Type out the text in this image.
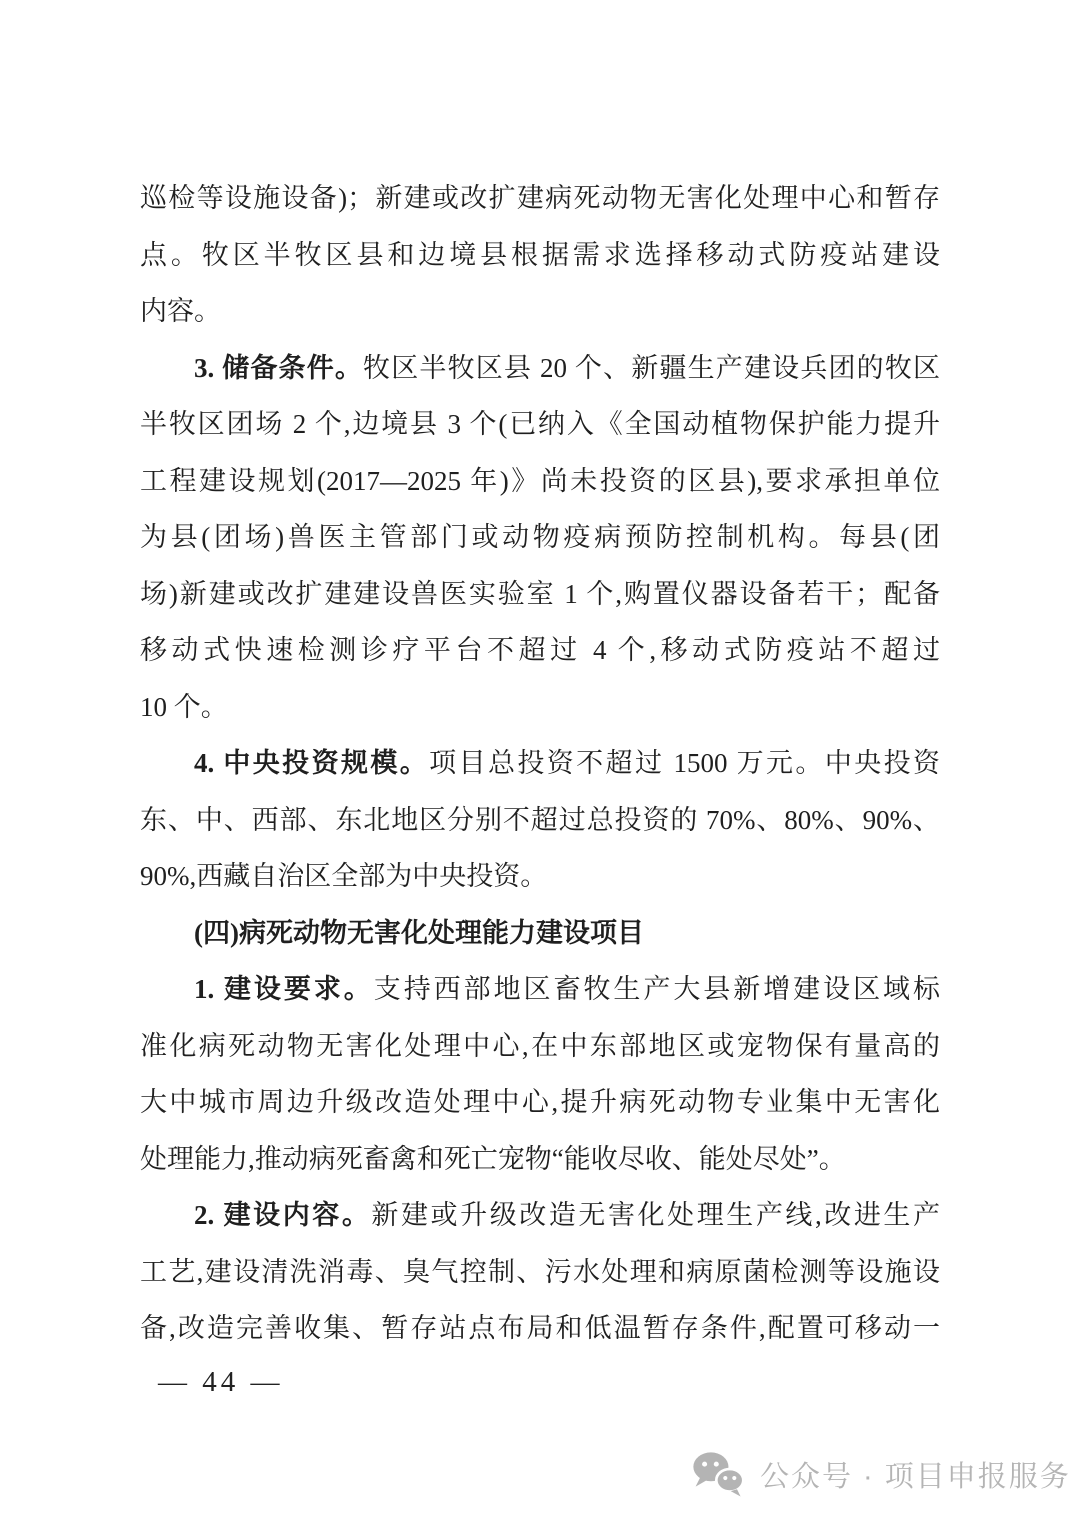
巡检等设施设备)；新建或改扩建病死动物无害化处理中心和暂存

点。牧区半牧区县和边境县根据需求选择移动式防疫站建设

内容。

3. 储备条件。牧区半牧区县 20 个、新疆生产建设兵团的牧区

半牧区团场 2 个,边境县 3 个(已纳入《全国动植物保护能力提升

工程建设规划(2017—2025 年)》尚未投资的区县),要求承担单位

为县(团场)兽医主管部门或动物疫病预防控制机构。每县(团

场)新建或改扩建建设兽医实验室 1 个,购置仪器设备若干；配备

移动式快速检测诊疗平台不超过 4 个,移动式防疫站不超过

10 个。

4. 中央投资规模。项目总投资不超过 1500 万元。中央投资

东、中、西部、东北地区分别不超过总投资的 70%、80%、90%、

90%,西藏自治区全部为中央投资。

(四)病死动物无害化处理能力建设项目

1. 建设要求。支持西部地区畜牧生产大县新增建设区域标

准化病死动物无害化处理中心,在中东部地区或宠物保有量高的

大中城市周边升级改造处理中心,提升病死动物专业集中无害化

处理能力,推动病死畜禽和死亡宠物“能收尽收、能处尽处”。

2. 建设内容。新建或升级改造无害化处理生产线,改进生产

工艺,建设清洗消毒、臭气控制、污水处理和病原菌检测等设施设

备,改造完善收集、暂存站点布局和低温暂存条件,配置可移动一

— 44 —
公众号 · 项目申报服务
